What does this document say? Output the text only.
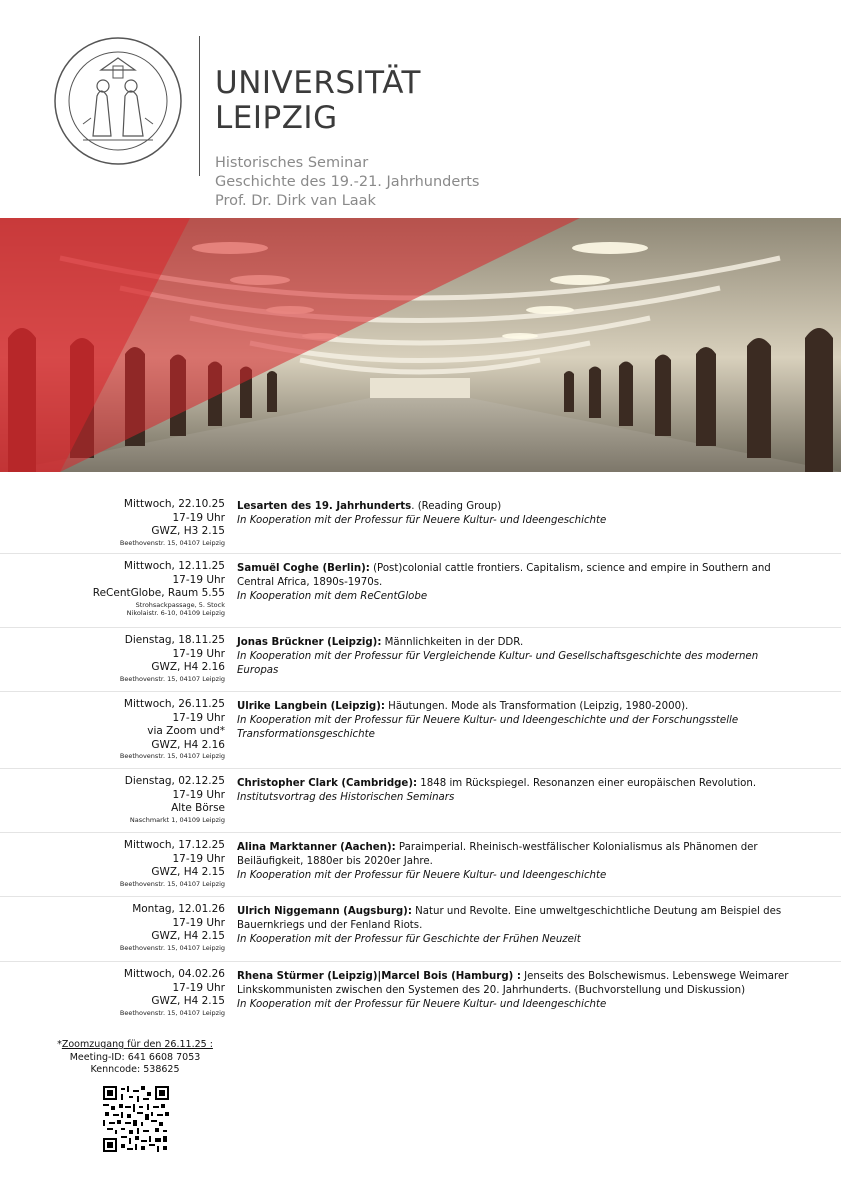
UNIVERSITÄT
LEIPZIG
Historisches Seminar
Geschichte des 19.-21. Jahrhunderts
Prof. Dr. Dirk van Laak
Mittwoch, 22.10.25
17-19 Uhr
GWZ, H3 2.15
Beethovenstr. 15, 04107 Leipzig
Lesarten des 19. Jahrhunderts. (Reading Group)
In Kooperation mit der Professur für Neuere Kultur- und Ideengeschichte
Mittwoch, 12.11.25
17-19 Uhr
ReCentGlobe, Raum 5.55
Strohsackpassage, 5. Stock
Nikolaistr. 6-10, 04109 Leipzig
Samuël Coghe (Berlin): (Post)colonial cattle frontiers. Capitalism, science and empire in Southern and Central Africa, 1890s-1970s.
In Kooperation mit dem ReCentGlobe
Dienstag, 18.11.25
17-19 Uhr
GWZ, H4 2.16
Beethovenstr. 15, 04107 Leipzig
Jonas Brückner (Leipzig): Männlichkeiten in der DDR.
In Kooperation mit der Professur für Vergleichende Kultur- und Gesellschaftsgeschichte des modernen Europas
Mittwoch, 26.11.25
17-19 Uhr
via Zoom und*
GWZ, H4 2.16
Beethovenstr. 15, 04107 Leipzig
Ulrike Langbein (Leipzig): Häutungen. Mode als Transformation (Leipzig, 1980-2000).
In Kooperation mit der Professur für Neuere Kultur- und Ideengeschichte und der Forschungsstelle Transformationsgeschichte
Dienstag, 02.12.25
17-19 Uhr
Alte Börse
Naschmarkt 1, 04109 Leipzig
Christopher Clark (Cambridge): 1848 im Rückspiegel. Resonanzen einer europäischen Revolution.
Institutsvortrag des Historischen Seminars
Mittwoch, 17.12.25
17-19 Uhr
GWZ, H4 2.15
Beethovenstr. 15, 04107 Leipzig
Alina Marktanner (Aachen): Paraimperial. Rheinisch-westfälischer Kolonialismus als Phänomen der Beiläufigkeit, 1880er bis 2020er Jahre.
In Kooperation mit der Professur für Neuere Kultur- und Ideengeschichte
Montag, 12.01.26
17-19 Uhr
GWZ, H4 2.15
Beethovenstr. 15, 04107 Leipzig
Ulrich Niggemann (Augsburg): Natur und Revolte. Eine umweltgeschichtliche Deutung am Beispiel des Bauernkriegs und der Fenland Riots.
In Kooperation mit der Professur für Geschichte der Frühen Neuzeit
Mittwoch, 04.02.26
17-19 Uhr
GWZ, H4 2.15
Beethovenstr. 15, 04107 Leipzig
Rhena Stürmer (Leipzig)|Marcel Bois (Hamburg) : Jenseits des Bolschewismus. Lebenswege Weimarer Linkskommunisten zwischen den Systemen des 20. Jahrhunderts. (Buchvorstellung und Diskussion)
In Kooperation mit der Professur für Neuere Kultur- und Ideengeschichte
*Zoomzugang für den 26.11.25 :
Meeting-ID: 641 6608 7053
Kenncode: 538625
